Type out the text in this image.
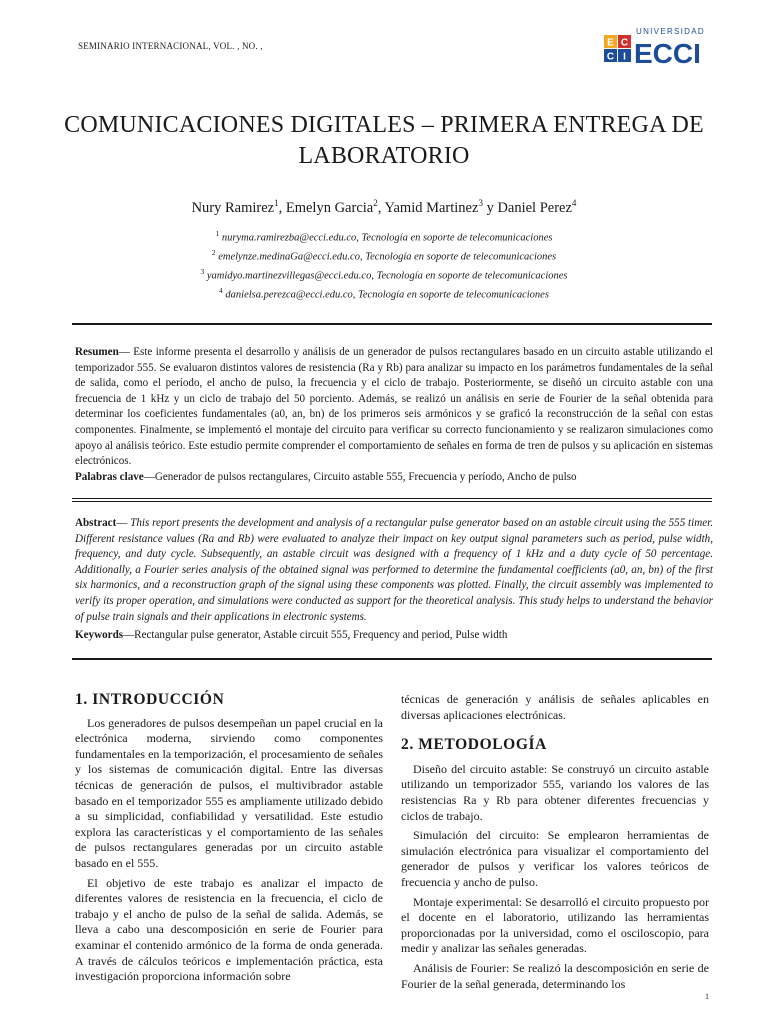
SEMINARIO INTERNACIONAL, VOL. , NO. ,	E C
C I
UNIVERSIDAD
ECCI
COMUNICACIONES DIGITALES – PRIMERA ENTREGA DE LABORATORIO
Nury Ramirez$^1$, Emelyn Garcia$^2$, Yamid Martinez$^3$ y Daniel Perez$^4$
$^1$ nuryma.ramirezba@ecci.edu.co, Tecnología en soporte de telecomunicaciones
$^2$ emelynze.medinaGa@ecci.edu.co, Tecnología en soporte de telecomunicaciones
$^3$ yamidyo.martinezvillegas@ecci.edu.co, Tecnología en soporte de telecomunicaciones
$^4$ danielsa.perezca@ecci.edu.co, Tecnología en soporte de telecomunicaciones
Resumen— Este informe presenta el desarrollo y análisis de un generador de pulsos rectangulares basado en un circuito astable utilizando el temporizador 555. Se evaluaron distintos valores de resistencia (Ra y Rb) para analizar su impacto en los parámetros fundamentales de la señal de salida, como el período, el ancho de pulso, la frecuencia y el ciclo de trabajo. Posteriormente, se diseñó un circuito astable con una frecuencia de 1 kHz y un ciclo de trabajo del 50 porciento. Además, se realizó un análisis en serie de Fourier de la señal obtenida para determinar los coeficientes fundamentales (a0, an, bn) de los primeros seis armónicos y se graficó la reconstrucción de la señal con estas componentes. Finalmente, se implementó el montaje del circuito para verificar su correcto funcionamiento y se realizaron simulaciones como apoyo al análisis teórico. Este estudio permite comprender el comportamiento de señales en forma de tren de pulsos y su aplicación en sistemas electrónicos.
Palabras clave—Generador de pulsos rectangulares, Circuito astable 555, Frecuencia y período, Ancho de pulso
Abstract— This report presents the development and analysis of a rectangular pulse generator based on an astable circuit using the 555 timer. Different resistance values (Ra and Rb) were evaluated to analyze their impact on key output signal parameters such as period, pulse width, frequency, and duty cycle. Subsequently, an astable circuit was designed with a frequency of 1 kHz and a duty cycle of 50 percentage. Additionally, a Fourier series analysis of the obtained signal was performed to determine the fundamental coefficients (a0, an, bn) of the first six harmonics, and a reconstruction graph of the signal using these components was plotted. Finally, the circuit assembly was implemented to verify its proper operation, and simulations were conducted as support for the theoretical analysis. This study helps to understand the behavior of pulse train signals and their applications in electronic systems.
Keywords—Rectangular pulse generator, Astable circuit 555, Frequency and period, Pulse width
1. INTRODUCCIÓN

Los generadores de pulsos desempeñan un papel crucial en la electrónica moderna, sirviendo como componentes fundamentales en la temporización, el procesamiento de señales y los sistemas de comunicación digital. Entre las diversas técnicas de generación de pulsos, el multivibrador astable basado en el temporizador 555 es ampliamente utilizado debido a su simplicidad, confiabilidad y versatilidad. Este estudio explora las características y el comportamiento de las señales de pulsos rectangulares generadas por un circuito astable basado en el 555.

El objetivo de este trabajo es analizar el impacto de diferentes valores de resistencia en la frecuencia, el ciclo de trabajo y el ancho de pulso de la señal de salida. Además, se lleva a cabo una descomposición en serie de Fourier para examinar el contenido armónico de la forma de onda generada. A través de cálculos teóricos e implementación práctica, esta investigación proporciona información sobre

técnicas de generación y análisis de señales aplicables en diversas aplicaciones electrónicas.

2. METODOLOGÍA

Diseño del circuito astable: Se construyó un circuito astable utilizando un temporizador 555, variando los valores de las resistencias Ra y Rb para obtener diferentes frecuencias y ciclos de trabajo.

Simulación del circuito: Se emplearon herramientas de simulación electrónica para visualizar el comportamiento del generador de pulsos y verificar los valores teóricos de frecuencia y ancho de pulso.

Montaje experimental: Se desarrolló el circuito propuesto por el docente en el laboratorio, utilizando las herramientas proporcionadas por la universidad, como el osciloscopio, para medir y analizar las señales generadas.

Análisis de Fourier: Se realizó la descomposición en serie de Fourier de la señal generada, determinando los

1
